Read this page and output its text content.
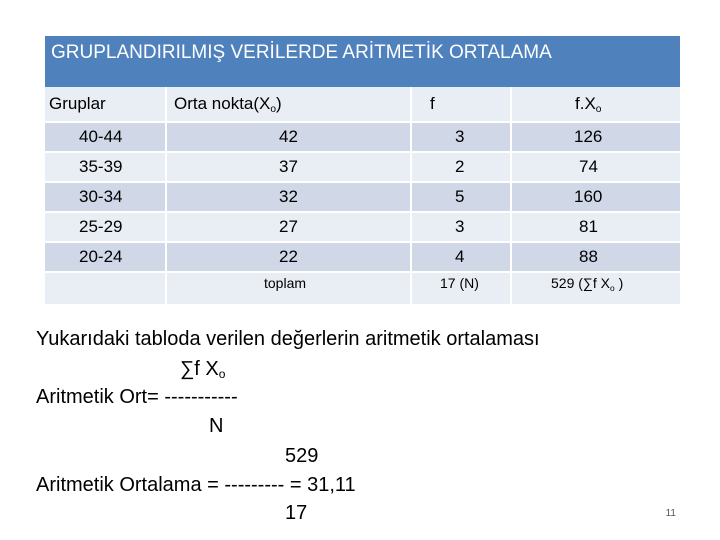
GRUPLANDIRILMIŞ VERİLERDE ARİTMETİK ORTALAMA
Gruplar	Orta $nokta(X_o)$	f	$f.X_o$
40-44	42	3	126
35-39	37	2	74
30-34	32	5	160
25-29	27	3	81
20-24	22	4	88
	toplam	17 (N)	529 (∑f $X_o$ )
Yukarıdaki tabloda verilen değerlerin aritmetik ortalaması
∑f $X_o$
Aritmetik Ort= -----------
N
529
Aritmetik Ortalama = --------- = 31,11
17	11
